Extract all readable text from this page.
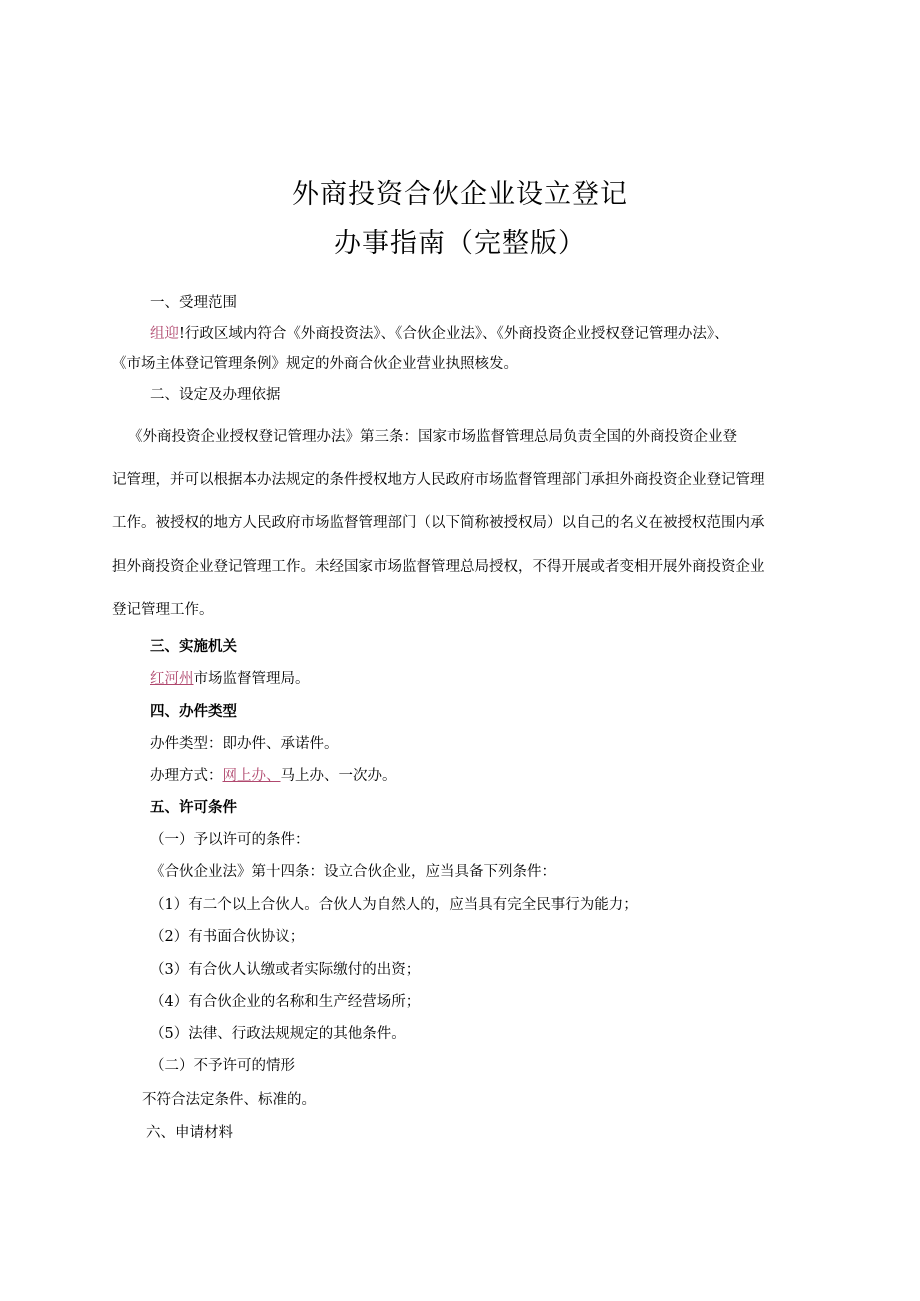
外商投资合伙企业设立登记
办事指南（完整版）
一、受理范围
组迎!行政区域内符合《外商投资法》、《合伙企业法》、《外商投资企业授权登记管理办法》、
《市场主体登记管理条例》规定的外商合伙企业营业执照核发。
二、设定及办理依据
《外商投资企业授权登记管理办法》第三条：国家市场监督管理总局负责全国的外商投资企业登
记管理，并可以根据本办法规定的条件授权地方人民政府市场监督管理部门承担外商投资企业登记管理
工作。被授权的地方人民政府市场监督管理部门（以下简称被授权局）以自己的名义在被授权范围内承
担外商投资企业登记管理工作。未经国家市场监督管理总局授权，不得开展或者变相开展外商投资企业
登记管理工作。
三、实施机关
红河州市场监督管理局。
四、办件类型
办件类型：即办件、承诺件。
办理方式：网上办、马上办、一次办。
五、许可条件
（一）予以许可的条件：
《合伙企业法》第十四条：设立合伙企业，应当具备下列条件：
（1）有二个以上合伙人。合伙人为自然人的，应当具有完全民事行为能力；
（2）有书面合伙协议；
（3）有合伙人认缴或者实际缴付的出资；
（4）有合伙企业的名称和生产经营场所；
（5）法律、行政法规规定的其他条件。
（二）不予许可的情形
不符合法定条件、标准的。
六、申请材料
